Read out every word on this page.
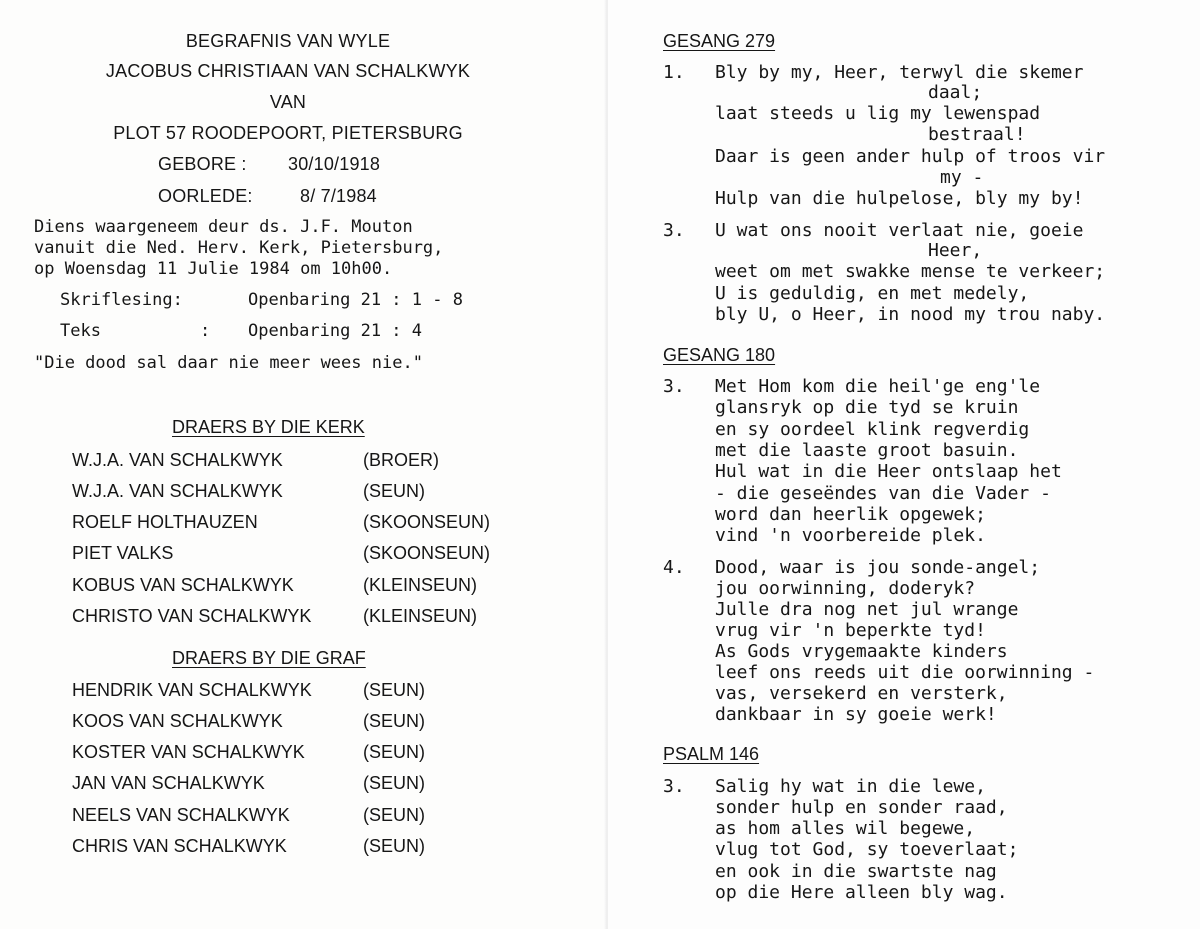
BEGRAFNIS VAN WYLE
JACOBUS CHRISTIAAN VAN SCHALKWYK
VAN
PLOT 57 ROODEPOORT, PIETERSBURG
GEBORE : 30/10/1918
OORLEDE:	8/ 7/1984
Diens waargeneem deur ds. J.F. Mouton
vanuit die Ned. Herv. Kerk, Pietersburg,
op Woensdag 11 Julie 1984 om 10h00.
Skriflesing:	Openbaring 21 : 1 - 8
Teks	: Openbaring 21 : 4
"Die dood sal daar nie meer wees nie."
DRAERS BY DIE KERK
W.J.A. VAN SCHALKWYK	(BROER)
W.J.A. VAN SCHALKWYK	(SEUN)
ROELF HOLTHAUZEN	(SKOONSEUN)
PIET VALKS	(SKOONSEUN)
KOBUS VAN SCHALKWYK	(KLEINSEUN)
CHRISTO VAN SCHALKWYK	(KLEINSEUN)
DRAERS BY DIE GRAF
HENDRIK VAN SCHALKWYK	(SEUN)
KOOS VAN SCHALKWYK	(SEUN)
KOSTER VAN SCHALKWYK	(SEUN)
JAN VAN SCHALKWYK	(SEUN)
NEELS VAN SCHALKWYK	(SEUN)
CHRIS VAN SCHALKWYK	(SEUN)
GESANG 279
1. Bly by my, Heer, terwyl die skemer
daal;
laat steeds u lig my lewenspad
bestraal!
Daar is geen ander hulp of troos vir
my -
Hulp van die hulpelose, bly my by!
3. U wat ons nooit verlaat nie, goeie
Heer,
weet om met swakke mense te verkeer;
U is geduldig, en met medely,
bly U, o Heer, in nood my trou naby.
GESANG 180
3. Met Hom kom die heil'ge eng'le
glansryk op die tyd se kruin
en sy oordeel klink regverdig
met die laaste groot basuin.
Hul wat in die Heer ontslaap het
- die geseëndes van die Vader -
word dan heerlik opgewek;
vind 'n voorbereide plek.
4. Dood, waar is jou sonde-angel;
jou oorwinning, doderyk?
Julle dra nog net jul wrange
vrug vir 'n beperkte tyd!
As Gods vrygemaakte kinders
leef ons reeds uit die oorwinning -
vas, versekerd en versterk,
dankbaar in sy goeie werk!
PSALM 146
3. Salig hy wat in die lewe,
sonder hulp en sonder raad,
as hom alles wil begewe,
vlug tot God, sy toeverlaat;
en ook in die swartste nag
op die Here alleen bly wag.
